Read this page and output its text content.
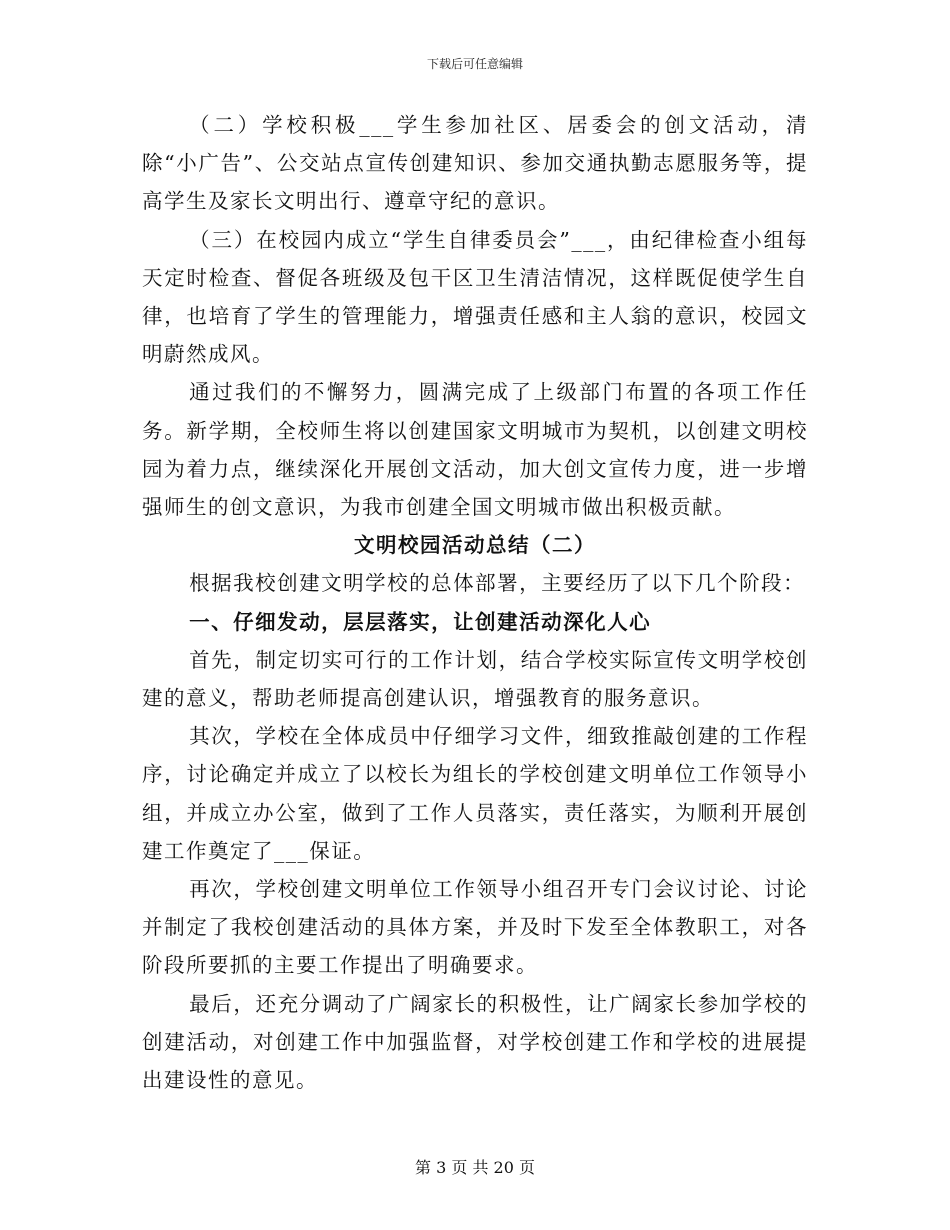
下载后可任意编辑

（二）学校积极___学生参加社区、居委会的创文活动，清除“小广告”、公交站点宣传创建知识、参加交通执勤志愿服务等，提高学生及家长文明出行、遵章守纪的意识。

（三）在校园内成立“学生自律委员会”___，由纪律检查小组每天定时检查、督促各班级及包干区卫生清洁情况，这样既促使学生自律，也培育了学生的管理能力，增强责任感和主人翁的意识，校园文明蔚然成风。

通过我们的不懈努力，圆满完成了上级部门布置的各项工作任务。新学期，全校师生将以创建国家文明城市为契机，以创建文明校园为着力点，继续深化开展创文活动，加大创文宣传力度，进一步增强师生的创文意识，为我市创建全国文明城市做出积极贡献。

文明校园活动总结（二）

根据我校创建文明学校的总体部署，主要经历了以下几个阶段：

一、仔细发动，层层落实，让创建活动深化人心

首先，制定切实可行的工作计划，结合学校实际宣传文明学校创建的意义，帮助老师提高创建认识，增强教育的服务意识。

其次，学校在全体成员中仔细学习文件，细致推敲创建的工作程序，讨论确定并成立了以校长为组长的学校创建文明单位工作领导小组，并成立办公室，做到了工作人员落实，责任落实，为顺利开展创建工作奠定了___保证。

再次，学校创建文明单位工作领导小组召开专门会议讨论、讨论并制定了我校创建活动的具体方案，并及时下发至全体教职工，对各阶段所要抓的主要工作提出了明确要求。

最后，还充分调动了广阔家长的积极性，让广阔家长参加学校的创建活动，对创建工作中加强监督，对学校创建工作和学校的进展提出建设性的意见。

第 3 页 共 20 页
